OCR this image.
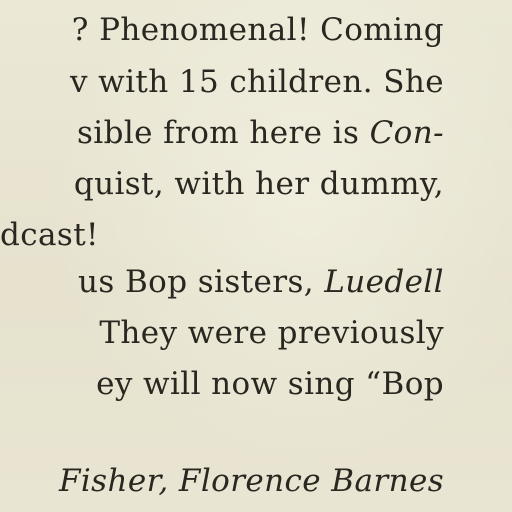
? Phenomenal! Coming
v with 15 children. She
sible from here is Con-
quist, with her dummy,
dcast!
us Bop sisters, Luedell
They were previously
ey will now sing “Bop
Fisher, Florence Barnes
